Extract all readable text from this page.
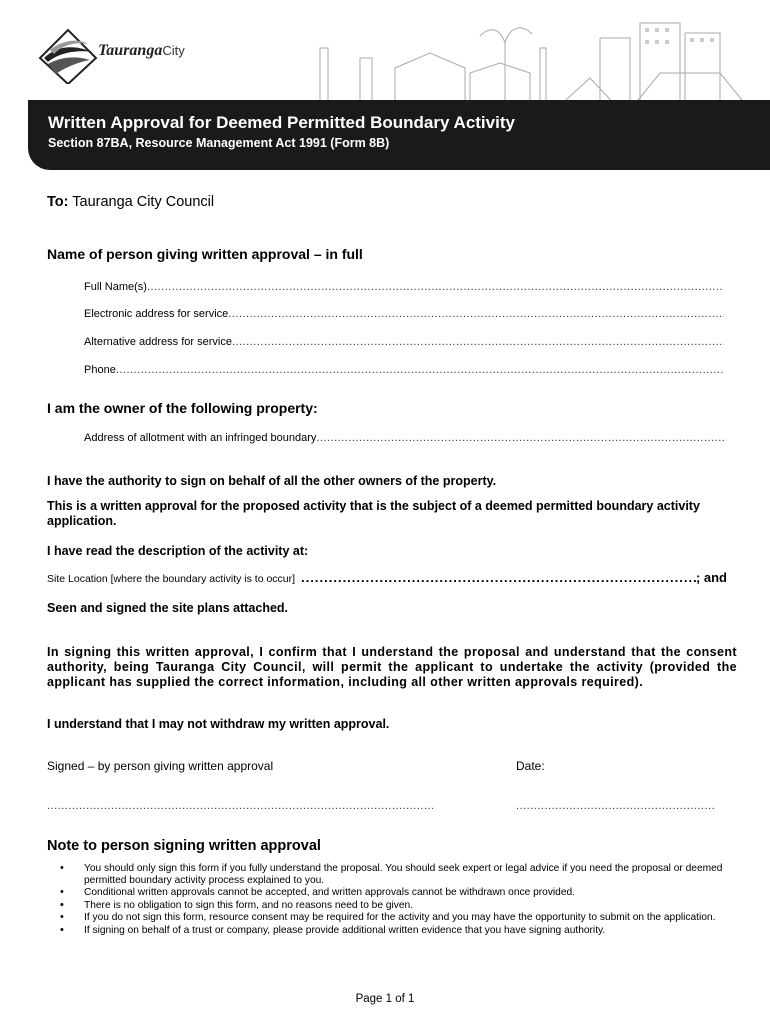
TaurangaCity
Written Approval for Deemed Permitted Boundary Activity
Section 87BA, Resource Management Act 1991 (Form 8B)
To: Tauranga City Council
Name of person giving written approval – in full
Full Name(s)
.....
Electronic address for service
.....
Alternative address for service
.....
Phone
.....
I am the owner of the following property:
Address of allotment with an infringed boundary
.....
I have the authority to sign on behalf of all the other owners of the property.
This is a written approval for the proposed activity that is the subject of a deemed permitted boundary activity application.
I have read the description of the activity at:
Site Location [where the boundary activity is to occur]
.....	; and
Seen and signed the site plans attached.
In signing this written approval, I confirm that I understand the proposal and understand that the consent authority, being Tauranga City Council, will permit the applicant to undertake the activity (provided the applicant has supplied the correct information, including all other written approvals required).
I understand that I may not withdraw my written approval.
Signed – by person giving written approval	Date:
.....
.....
Note to person signing written approval
• You should only sign this form if you fully understand the proposal. You should seek expert or legal advice if you need the proposal or deemed permitted boundary activity process explained to you.
• Conditional written approvals cannot be accepted, and written approvals cannot be withdrawn once provided.
• There is no obligation to sign this form, and no reasons need to be given.
• If you do not sign this form, resource consent may be required for the activity and you may have the opportunity to submit on the application.
• If signing on behalf of a trust or company, please provide additional written evidence that you have signing authority.
Page 1 of 1
